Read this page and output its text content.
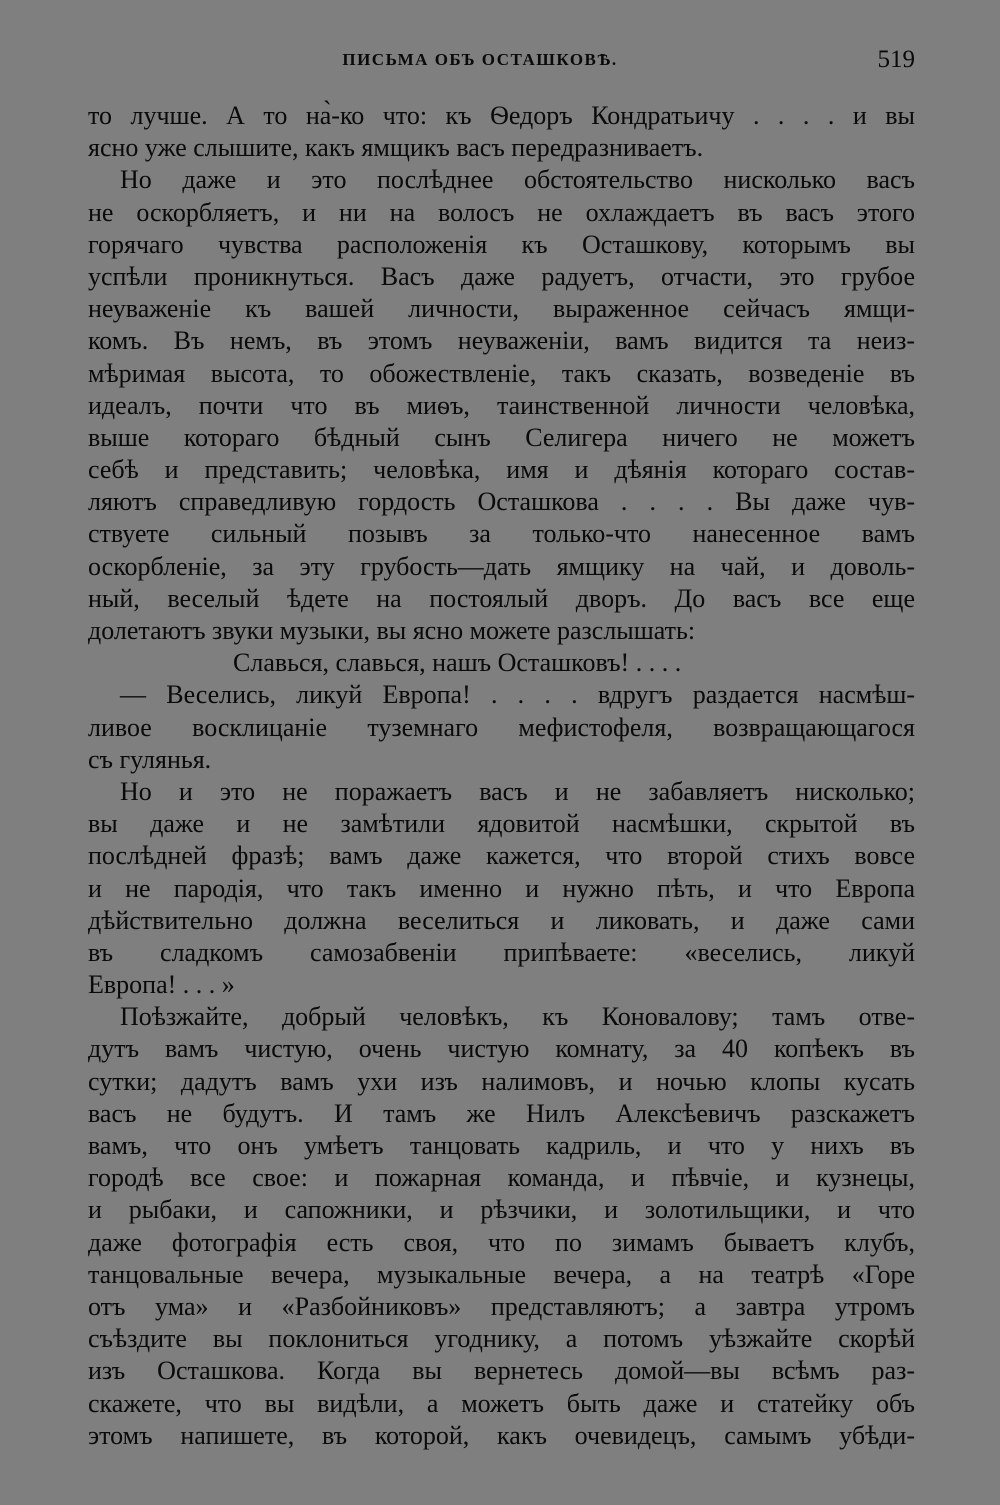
ПИСЬМА ОБЪ ОСТАШКОВѢ.	519
то лучше. А то на̀-ко что: къ Ѳедоръ Кондратьичу . . . . и вы
ясно уже слышите, какъ ямщикъ васъ передразниваетъ.
Но даже и это послѣднее обстоятельство нисколько васъ
не оскорбляетъ, и ни на волосъ не охлаждаетъ въ васъ этого
горячаго чувства расположенія къ Осташкову, которымъ вы
успѣли проникнуться. Васъ даже радуетъ, отчасти, это грубое
неуваженіе къ вашей личности, выраженное сейчасъ ямщи-
комъ. Въ немъ, въ этомъ неуваженіи, вамъ видится та неиз-
мѣримая высота, то обожествленіе, такъ сказать, возведеніе въ
идеалъ, почти что въ миѳъ, таинственной личности человѣка,
выше котораго бѣдный сынъ Селигера ничего не можетъ
себѣ и представить; человѣка, имя и дѣянія котораго состав-
ляютъ справедливую гордость Осташкова . . . . Вы даже чув-
ствуете сильный позывъ за только-что нанесенное вамъ
оскорбленіе, за эту грубость—дать ямщику на чай, и доволь-
ный, веселый ѣдете на постоялый дворъ. До васъ все еще
долетаютъ звуки музыки, вы ясно можете разслышать:
Славься, славься, нашъ Осташковъ! . . . .
— Веселись, ликуй Европа! . . . . вдругъ раздается насмѣш-
ливое восклицаніе туземнаго мефистофеля, возвращающагося
съ гулянья.
Но и это не поражаетъ васъ и не забавляетъ нисколько;
вы даже и не замѣтили ядовитой насмѣшки, скрытой въ
послѣдней фразѣ; вамъ даже кажется, что второй стихъ вовсе
и не пародія, что такъ именно и нужно пѣть, и что Европа
дѣйствительно должна веселиться и ликовать, и даже сами
въ сладкомъ самозабвеніи припѣваете: «веселись, ликуй
Европа! . . . »
Поѣзжайте, добрый человѣкъ, къ Коновалову; тамъ отве-
дутъ вамъ чистую, очень чистую комнату, за 40 копѣекъ въ
сутки; дадутъ вамъ ухи изъ налимовъ, и ночью клопы кусать
васъ не будутъ. И тамъ же Нилъ Алексѣевичъ разскажетъ
вамъ, что онъ умѣетъ танцовать кадриль, и что у нихъ въ
городѣ все свое: и пожарная команда, и пѣвчіе, и кузнецы,
и рыбаки, и сапожники, и рѣзчики, и золотильщики, и что
даже фотографія есть своя, что по зимамъ бываетъ клубъ,
танцовальные вечера, музыкальные вечера, а на театрѣ «Горе
отъ ума» и «Разбойниковъ» представляютъ; а завтра утромъ
съѣздите вы поклониться угоднику, а потомъ уѣзжайте скорѣй
изъ Осташкова. Когда вы вернетесь домой—вы всѣмъ раз-
скажете, что вы видѣли, а можетъ быть даже и статейку объ
этомъ напишете, въ которой, какъ очевидецъ, самымъ убѣди-
